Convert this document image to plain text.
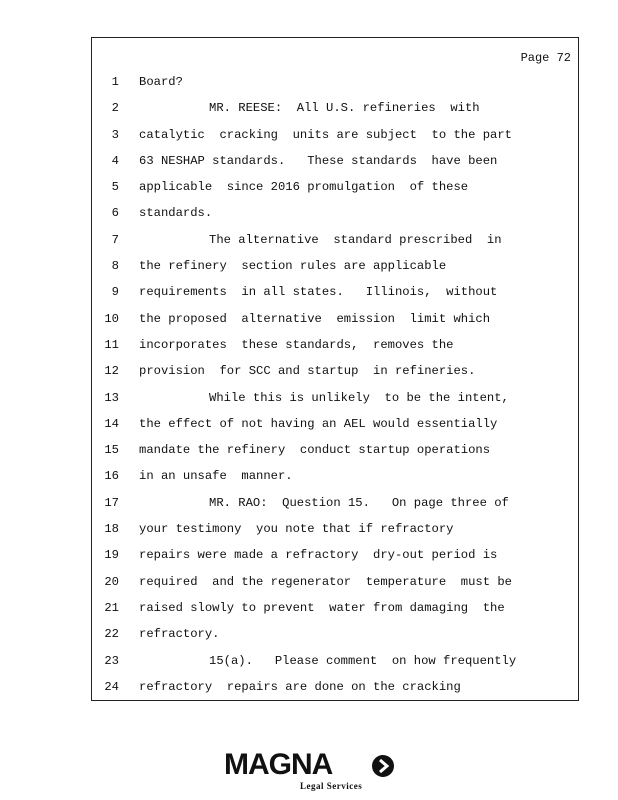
Page 72
1 Board?
2	MR. REESE:  All U.S. refineries  with
3 catalytic  cracking  units are subject  to the part
4 63 NESHAP standards.   These standards  have been
5 applicable  since 2016 promulgation  of these
6 standards.
7	The alternative  standard prescribed  in
8 the refinery  section rules are applicable
9 requirements  in all states.   Illinois,  without
10 the proposed  alternative  emission  limit which
11 incorporates  these standards,  removes the
12 provision  for SCC and startup  in refineries.
13	While this is unlikely  to be the intent,
14 the effect of not having an AEL would essentially
15 mandate the refinery  conduct startup operations
16 in an unsafe  manner.
17	MR. RAO:  Question 15.   On page three of
18 your testimony  you note that if refractory
19 repairs were made a refractory  dry-out period is
20 required  and the regenerator  temperature  must be
21 raised slowly to prevent  water from damaging  the
22 refractory.
23	15(a).   Please comment  on how frequently
24 refractory  repairs are done on the cracking
MAGNA
Legal Services
